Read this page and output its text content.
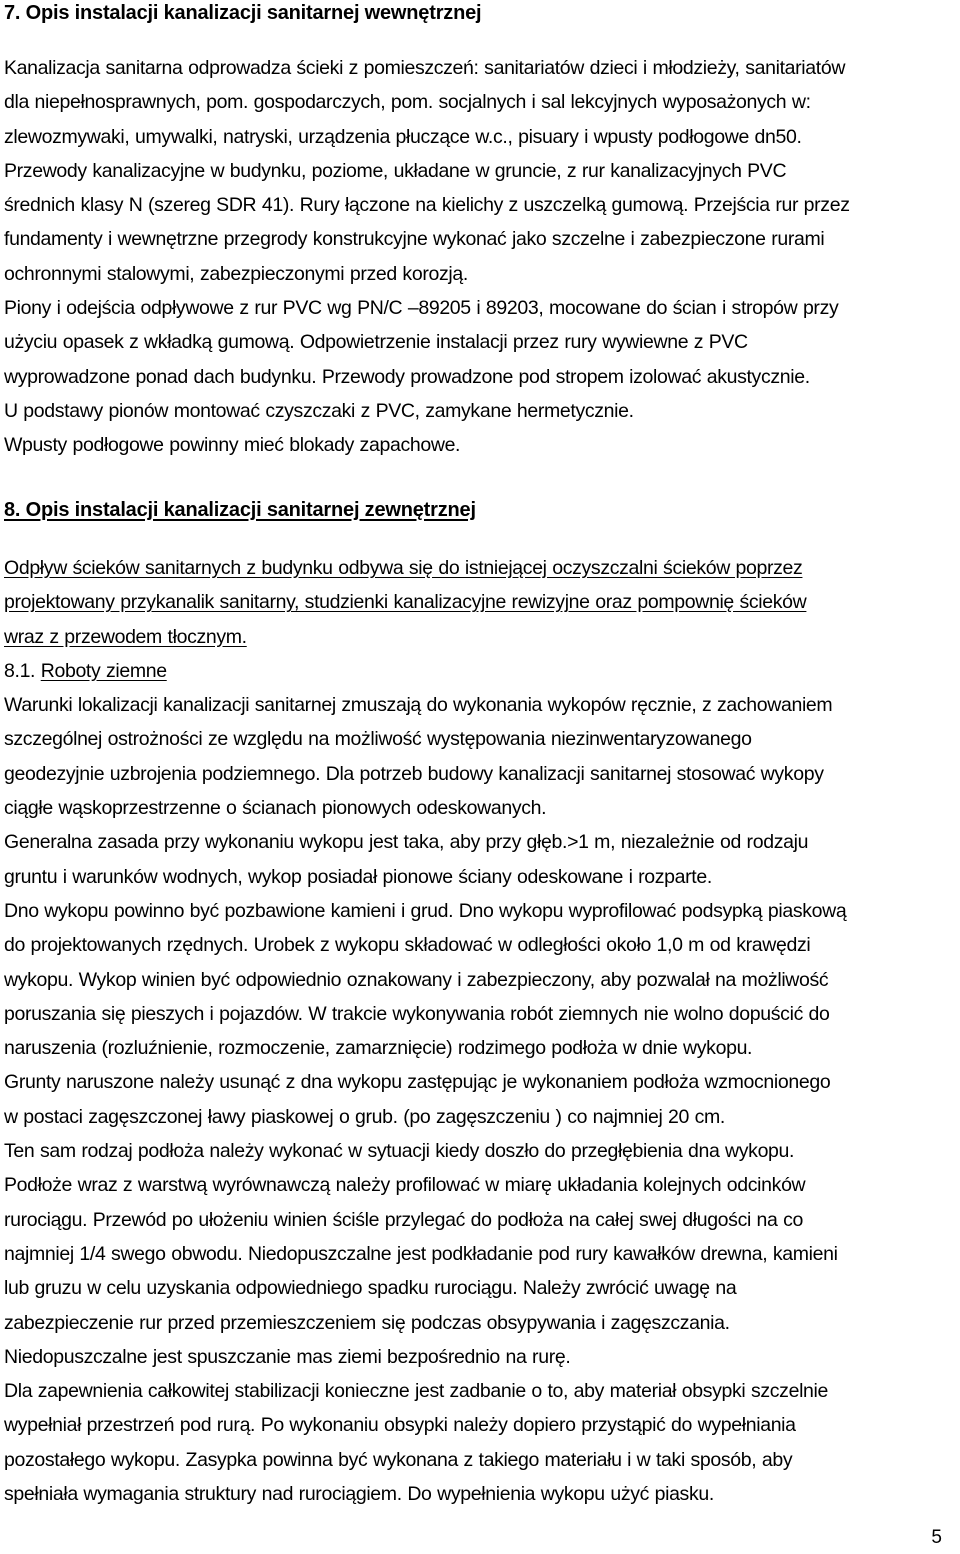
7. Opis instalacji kanalizacji sanitarnej wewnętrznej
Kanalizacja sanitarna odprowadza ścieki z pomieszczeń: sanitariatów dzieci i młodzieży, sanitariatów
dla niepełnosprawnych, pom. gospodarczych, pom. socjalnych i sal lekcyjnych wyposażonych w:
zlewozmywaki, umywalki, natryski, urządzenia płuczące w.c., pisuary i wpusty podłogowe dn50.
Przewody kanalizacyjne w budynku, poziome, układane w gruncie, z rur kanalizacyjnych PVC
średnich klasy N (szereg SDR 41). Rury łączone na kielichy z uszczelką gumową. Przejścia rur przez
fundamenty i wewnętrzne przegrody konstrukcyjne wykonać jako szczelne i zabezpieczone rurami
ochronnymi stalowymi, zabezpieczonymi przed korozją.
Piony i odejścia odpływowe z rur PVC wg PN/C –89205 i 89203, mocowane do ścian i stropów przy
użyciu opasek z wkładką gumową. Odpowietrzenie instalacji przez rury wywiewne z PVC
wyprowadzone ponad dach budynku. Przewody prowadzone pod stropem izolować akustycznie.
U podstawy pionów montować czyszczaki z PVC, zamykane hermetycznie.
Wpusty podłogowe powinny mieć blokady zapachowe.
8. Opis instalacji kanalizacji sanitarnej zewnętrznej
Odpływ ścieków sanitarnych z budynku odbywa się do istniejącej oczyszczalni ścieków poprzez
projektowany przykanalik sanitarny, studzienki kanalizacyjne rewizyjne oraz pompownię ścieków
wraz z przewodem tłocznym.
8.1. Roboty ziemne
Warunki lokalizacji kanalizacji sanitarnej zmuszają do wykonania wykopów ręcznie, z zachowaniem
szczególnej ostrożności ze względu na możliwość występowania niezinwentaryzowanego
geodezyjnie uzbrojenia podziemnego. Dla potrzeb budowy kanalizacji sanitarnej stosować wykopy
ciągłe wąskoprzestrzenne o ścianach pionowych odeskowanych.
Generalna zasada przy wykonaniu wykopu jest taka, aby przy głęb.>1 m, niezależnie od rodzaju
gruntu i warunków wodnych, wykop posiadał pionowe ściany odeskowane i rozparte.
Dno wykopu powinno być pozbawione kamieni i grud. Dno wykopu wyprofilować podsypką piaskową
do projektowanych rzędnych. Urobek z wykopu składować w odległości około 1,0 m od krawędzi
wykopu. Wykop winien być odpowiednio oznakowany i zabezpieczony, aby pozwalał na możliwość
poruszania się pieszych i pojazdów. W trakcie wykonywania robót ziemnych nie wolno dopuścić do
naruszenia (rozluźnienie, rozmoczenie, zamarznięcie) rodzimego podłoża w dnie wykopu.
Grunty naruszone należy usunąć z dna wykopu zastępując je wykonaniem podłoża wzmocnionego
w postaci zagęszczonej ławy piaskowej o grub. (po zagęszczeniu ) co najmniej 20 cm.
Ten sam rodzaj podłoża należy wykonać w sytuacji kiedy doszło do przegłębienia dna wykopu.
Podłoże wraz z warstwą wyrównawczą należy profilować w miarę układania kolejnych odcinków
rurociągu. Przewód po ułożeniu winien ściśle przylegać do podłoża na całej swej długości na co
najmniej 1/4 swego obwodu. Niedopuszczalne jest podkładanie pod rury kawałków drewna, kamieni
lub gruzu w celu uzyskania odpowiedniego spadku rurociągu. Należy zwrócić uwagę na
zabezpieczenie rur przed przemieszczeniem się podczas obsypywania i zagęszczania.
Niedopuszczalne jest spuszczanie mas ziemi bezpośrednio na rurę.
Dla zapewnienia całkowitej stabilizacji konieczne jest zadbanie o to, aby materiał obsypki szczelnie
wypełniał przestrzeń pod rurą. Po wykonaniu obsypki należy dopiero przystąpić do wypełniania
pozostałego wykopu. Zasypka powinna być wykonana z takiego materiału i w taki sposób, aby
spełniała wymagania struktury nad rurociągiem. Do wypełnienia wykopu użyć piasku.
5
